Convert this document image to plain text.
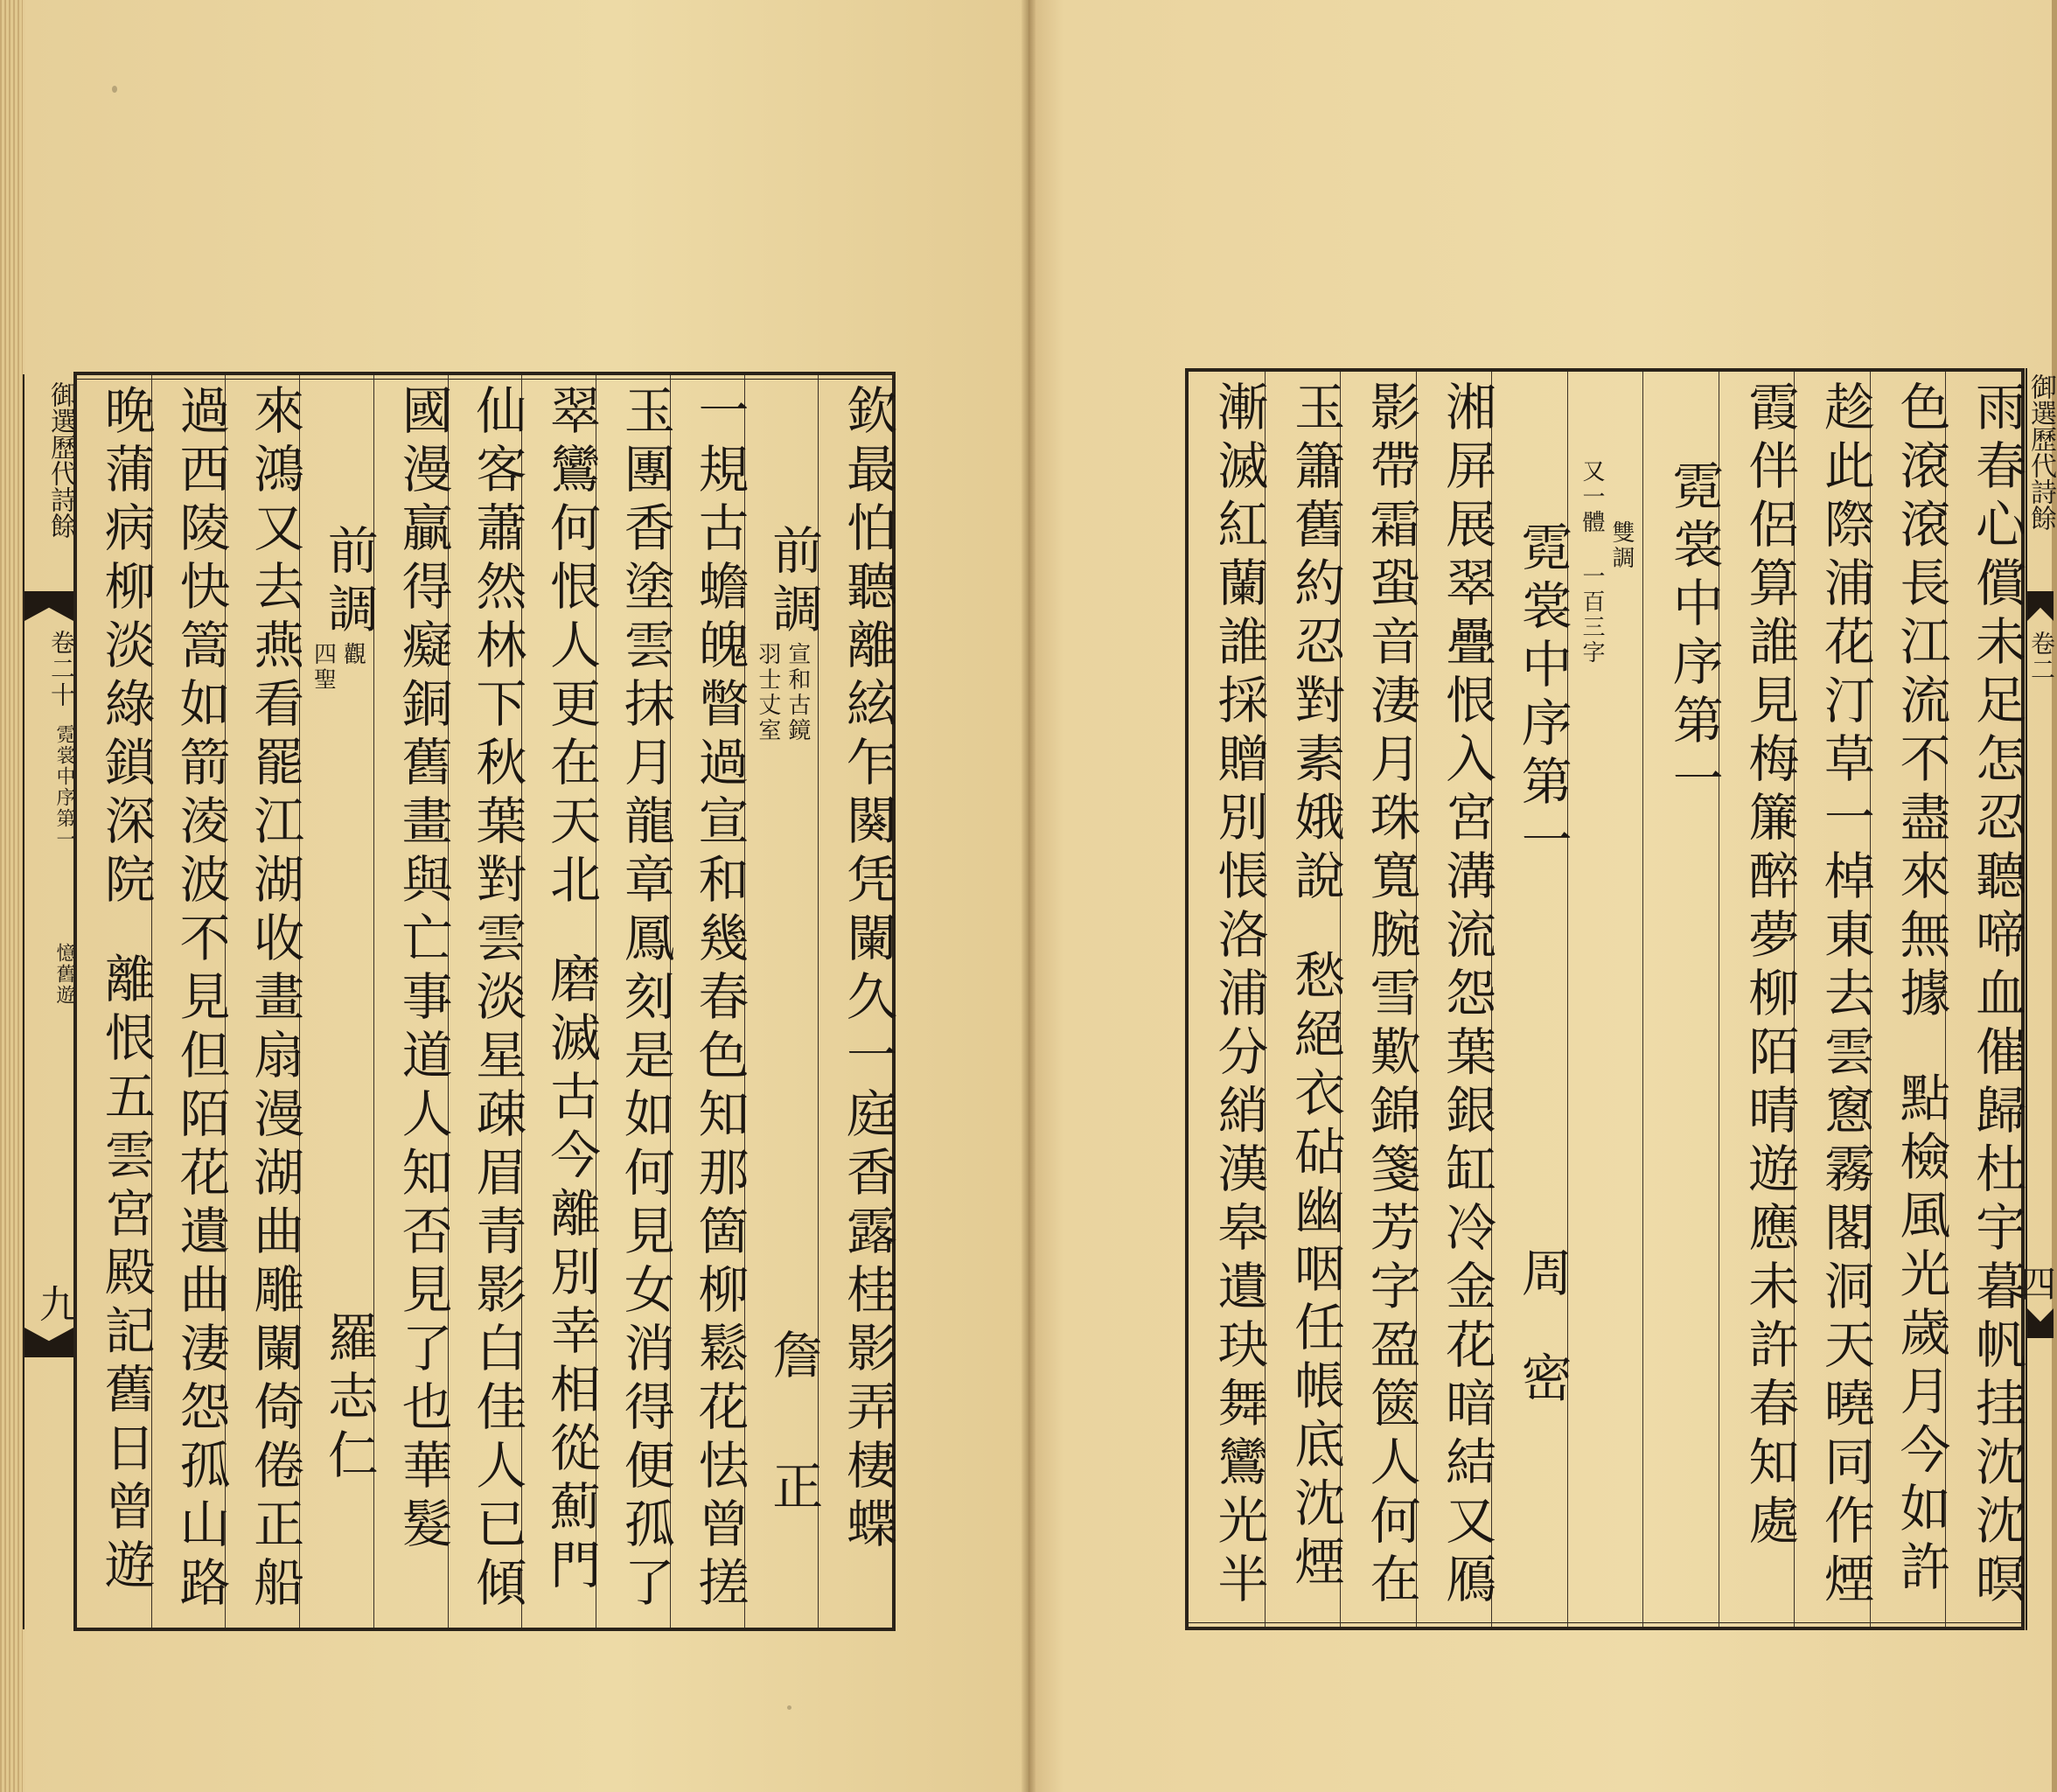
御選歷代詩餘
卷二十
霓裳中序第一
憶舊遊
九
御選歷代詩餘
卷二
四
欽最怕聽離絃乍闋凭闌久一庭香露桂影弄棲蝶
前調
羽士丈室 宣和古鏡
詹
正
一規古蟾魄瞥過宣和幾春色知那箇柳鬆花怯曾搓
玉團香塗雲抹月龍章鳳刻是如何見女消得便孤了
翠鸞何恨人更在天北
磨滅古今離別幸相從薊門
仙客蕭然林下秋葉對雲淡星疎眉青影白佳人已傾
國漫贏得癡銅舊畫與亡事道人知否見了也華髮
前調
四聖 觀
羅志仁
來鴻又去燕看罷江湖收畫扇漫湖曲雕闌倚倦正船
過西陵快篙如箭淩波不見但陌花遺曲淒怨孤山路
晚蒲病柳淡綠鎖深院
離恨五雲宮殿記舊日曾遊	雨春心償未足怎忍聽啼血催歸杜宇暮帆挂沈沈暝
色滾滾長江流不盡來無據
點檢風光歲月今如許
趁此際浦花汀草一棹東去雲窻霧閣洞天曉同作煙
霞伴侶算誰見梅簾醉夢柳陌晴遊應未許春知處
霓裳中序第一
又一體
雙調
一百三字
霓裳中序第一
周
密
湘屏展翠疊恨入宮溝流怨葉銀缸冷金花暗結又鴈
影帶霜蛩音淒月珠寬腕雪歎錦箋芳字盈篋人何在
玉簫舊約忍對素娥說
愁絕衣砧幽咽任帳底沈煙
漸滅紅蘭誰採贈別悵洛浦分綃漢皋遺玦舞鸞光半
